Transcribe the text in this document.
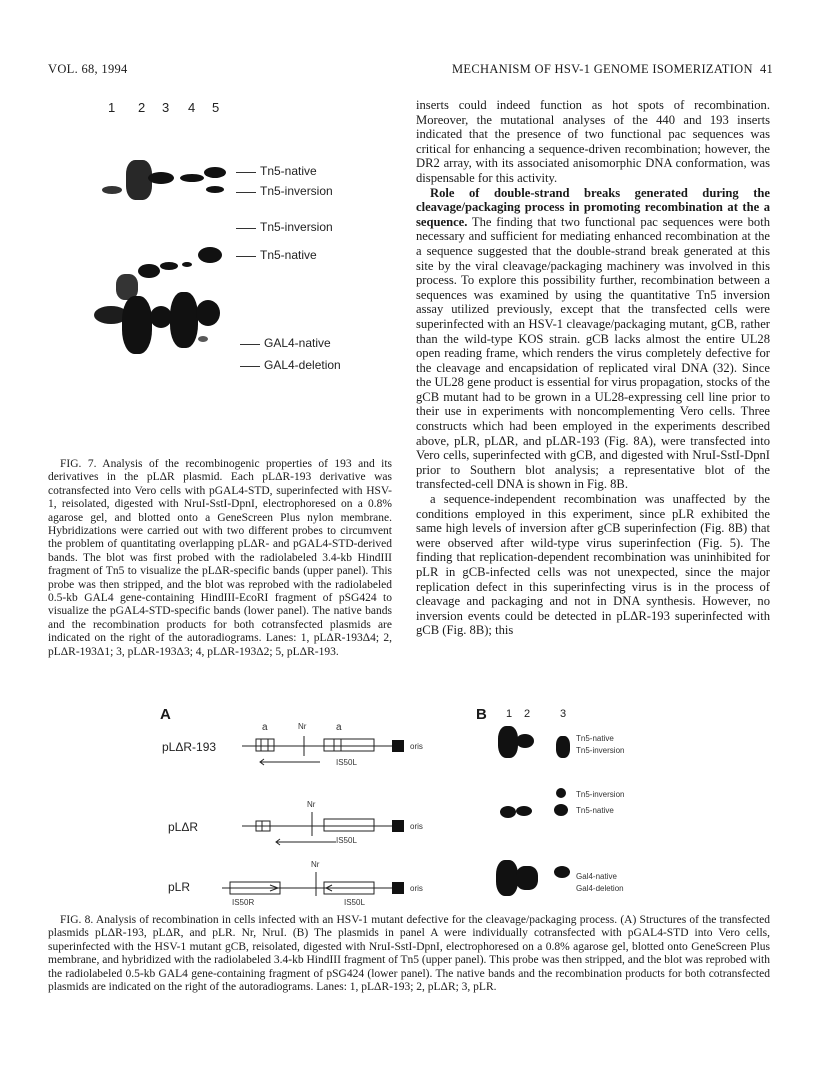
VOL. 68, 1994	MECHANISM OF HSV-1 GENOME ISOMERIZATION 41
1 2 3 4 5
Tn5-native
Tn5-inversion
Tn5-inversion
Tn5-native
GAL4-native
GAL4-deletion

FIG. 7. Analysis of the recombinogenic properties of 193 and its derivatives in the pLΔR plasmid. Each pLΔR-193 derivative was cotransfected into Vero cells with pGAL4-STD, superinfected with HSV-1, reisolated, digested with NruI-SstI-DpnI, electrophoresed on a 0.8% agarose gel, and blotted onto a GeneScreen Plus nylon membrane. Hybridizations were carried out with two different probes to circumvent the problem of quantitating overlapping pLΔR- and pGAL4-STD-derived bands. The blot was first probed with the radiolabeled 3.4-kb HindIII fragment of Tn5 to visualize the pLΔR-specific bands (upper panel). This probe was then stripped, and the blot was reprobed with the radiolabeled 0.5-kb GAL4 gene-containing HindIII-EcoRI fragment of pSG424 to visualize the pGAL4-STD-specific bands (lower panel). The native bands and the recombination products for both cotransfected plasmids are indicated on the right of the autoradiograms. Lanes: 1, pLΔR-193Δ4; 2, pLΔR-193Δ1; 3, pLΔR-193Δ3; 4, pLΔR-193Δ2; 5, pLΔR-193.

inserts could indeed function as hot spots of recombination. Moreover, the mutational analyses of the 440 and 193 inserts indicated that the presence of two functional pac sequences was critical for enhancing a sequence-driven recombination; however, the DR2 array, with its associated anisomorphic DNA conformation, was dispensable for this activity.

Role of double-strand breaks generated during the cleavage/packaging process in promoting recombination at the a sequence. The finding that two functional pac sequences were both necessary and sufficient for mediating enhanced recombination at the a sequence suggested that the double-strand break generated at this site by the viral cleavage/packaging machinery was involved in this process. To explore this possibility further, recombination between a sequences was examined by using the quantitative Tn5 inversion assay utilized previously, except that the transfected cells were superinfected with an HSV-1 cleavage/packaging mutant, gCB, rather than the wild-type KOS strain. gCB lacks almost the entire UL28 open reading frame, which renders the virus completely defective for the cleavage and encapsidation of replicated viral DNA (32). Since the UL28 gene product is essential for virus propagation, stocks of the gCB mutant had to be grown in a UL28-expressing cell line prior to their use in experiments with noncomplementing Vero cells. Three constructs which had been employed in the experiments described above, pLR, pLΔR, and pLΔR-193 (Fig. 8A), were transfected into Vero cells, superinfected with gCB, and digested with NruI-SstI-DpnI prior to Southern blot analysis; a representative blot of the transfected-cell DNA is shown in Fig. 8B.

a sequence-independent recombination was unaffected by the conditions employed in this experiment, since pLR exhibited the same high levels of inversion after gCB superinfection (Fig. 8B) that were observed after wild-type virus superinfection (Fig. 5). The finding that replication-dependent recombination was uninhibited for pLR in gCB-infected cells was not unexpected, since the major replication defect in this superinfecting virus is in the process of cleavage and packaging and not in DNA synthesis. However, no inversion events could be detected in pLΔR-193 superinfected with gCB (Fig. 8B); this

A
pLΔR-193
pLΔR
pLR
a	a
Nr
Nr
Nr
IS50L
IS50L
IS50L
IS50R
oris
oris
oris
B 1 2	3
Tn5-native
Tn5-inversion
Tn5-inversion
Tn5-native
Gal4-native
Gal4-deletion

FIG. 8. Analysis of recombination in cells infected with an HSV-1 mutant defective for the cleavage/packaging process. (A) Structures of the transfected plasmids pLΔR-193, pLΔR, and pLR. Nr, NruI. (B) The plasmids in panel A were individually cotransfected with pGAL4-STD into Vero cells, superinfected with the HSV-1 mutant gCB, reisolated, digested with NruI-SstI-DpnI, electrophoresed on a 0.8% agarose gel, blotted onto GeneScreen Plus membrane, and hybridized with the radiolabeled 3.4-kb HindIII fragment of Tn5 (upper panel). This probe was then stripped, and the blot was reprobed with the radiolabeled 0.5-kb GAL4 gene-containing fragment of pSG424 (lower panel). The native bands and the recombination products for both cotransfected plasmids are indicated on the right of the autoradiograms. Lanes: 1, pLΔR-193; 2, pLΔR; 3, pLR.
